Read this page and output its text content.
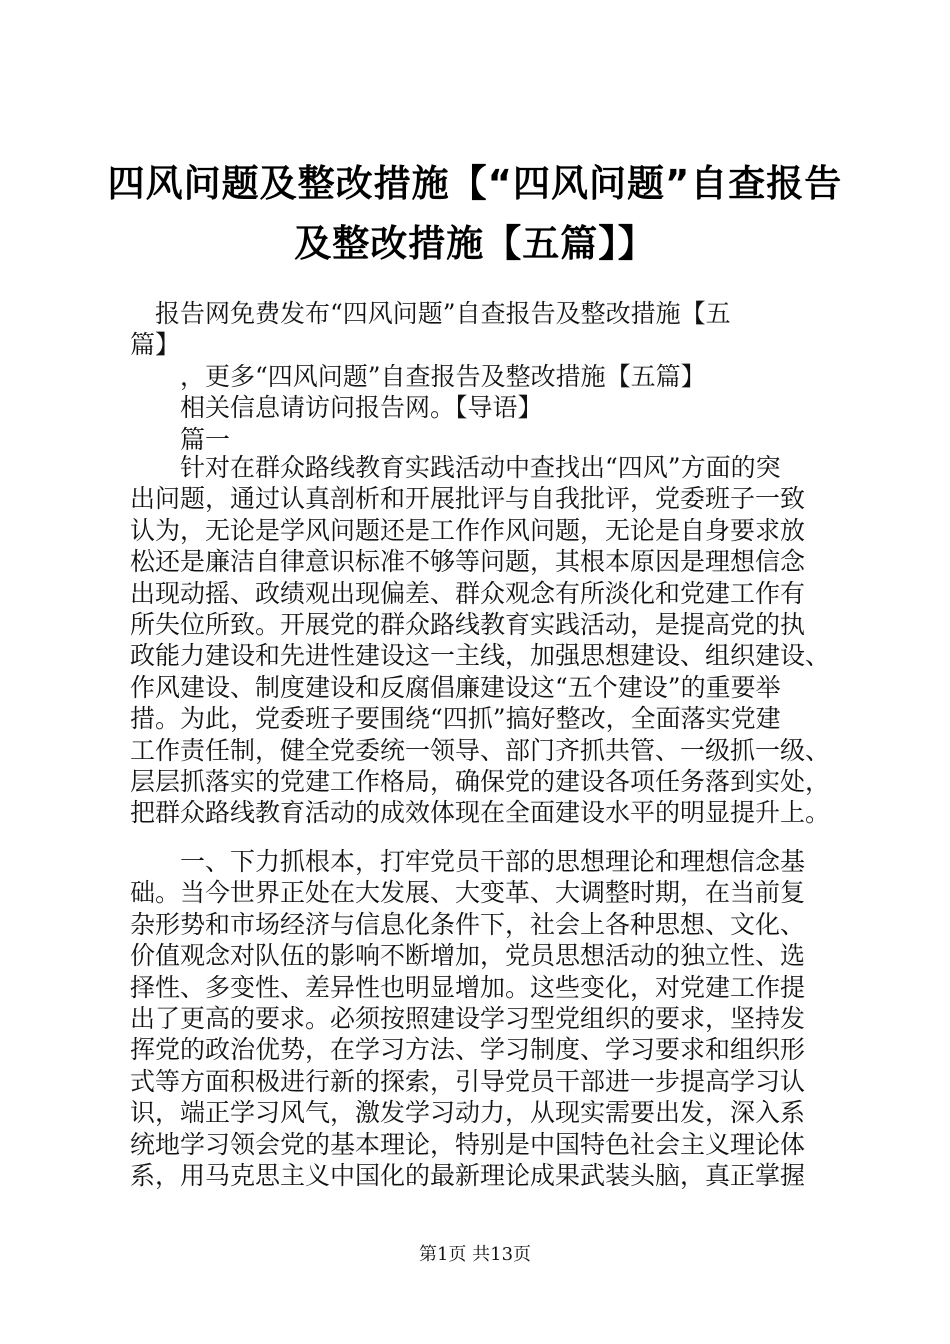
四风问题及整改措施【“四风问题”自查报告
及整改措施【五篇】】
　报告网免费发布“四风问题”自查报告及整改措施【五
篇】
　　，更多“四风问题”自查报告及整改措施【五篇】
　　相关信息请访问报告网。【导语】
　　篇一
　　针对在群众路线教育实践活动中查找出“四风”方面的突
出问题，通过认真剖析和开展批评与自我批评，党委班子一致
认为，无论是学风问题还是工作作风问题，无论是自身要求放
松还是廉洁自律意识标准不够等问题，其根本原因是理想信念
出现动摇、政绩观出现偏差、群众观念有所淡化和党建工作有
所失位所致。开展党的群众路线教育实践活动，是提高党的执
政能力建设和先进性建设这一主线，加强思想建设、组织建设、
作风建设、制度建设和反腐倡廉建设这“五个建设”的重要举
措。为此，党委班子要围绕“四抓”搞好整改，全面落实党建
工作责任制，健全党委统一领导、部门齐抓共管、一级抓一级、
层层抓落实的党建工作格局，确保党的建设各项任务落到实处，
把群众路线教育活动的成效体现在全面建设水平的明显提升上。
　　一、下力抓根本，打牢党员干部的思想理论和理想信念基
础。当今世界正处在大发展、大变革、大调整时期，在当前复
杂形势和市场经济与信息化条件下，社会上各种思想、文化、
价值观念对队伍的影响不断增加，党员思想活动的独立性、选
择性、多变性、差异性也明显增加。这些变化，对党建工作提
出了更高的要求。必须按照建设学习型党组织的要求，坚持发
挥党的政治优势，在学习方法、学习制度、学习要求和组织形
式等方面积极进行新的探索，引导党员干部进一步提高学习认
识，端正学习风气，激发学习动力，从现实需要出发，深入系
统地学习领会党的基本理论，特别是中国特色社会主义理论体
系，用马克思主义中国化的最新理论成果武装头脑，真正掌握
第1页 共13页
